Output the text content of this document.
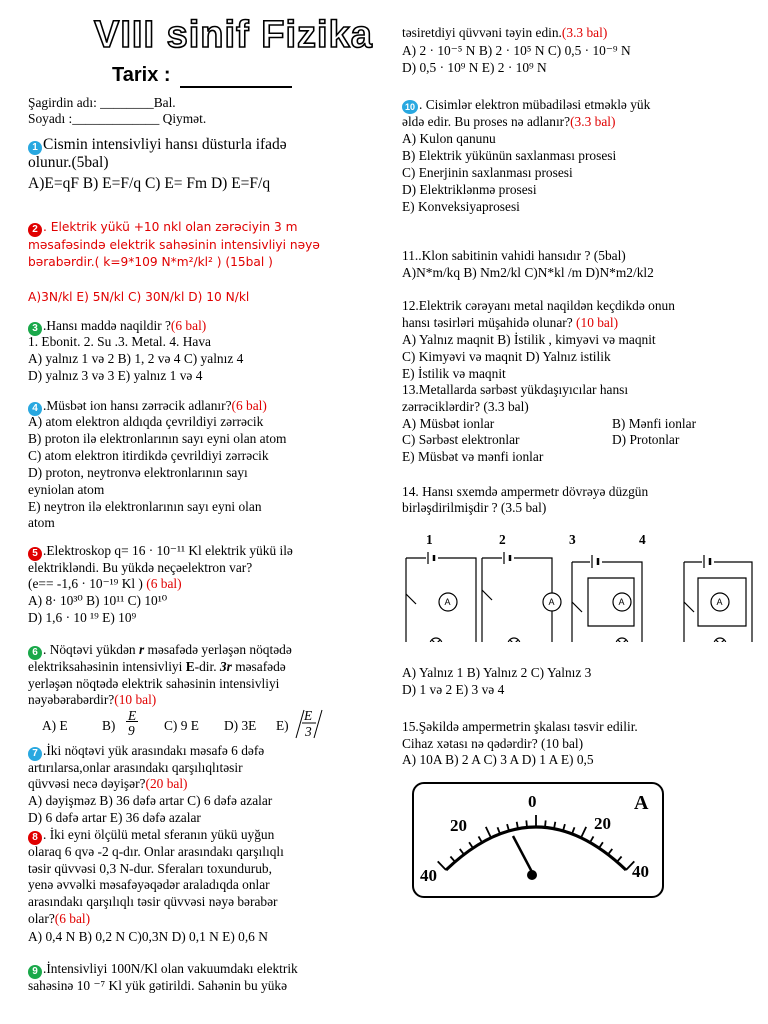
VIII sinif Fizika
Tarix :
Şagirdin adı: ________Bal.
Soyadı :_____________ Qiymət.
1 Cismin intensivliyi hansı düsturla ifadə
olunur.(5bal)
A)E=qF B) E=F/q C) E= Fm D) E=F/q
2 . Elektrik yükü +10 nkl olan zərəciyin 3 m
məsafəsində elektrik sahəsinin intensivliyi nəyə
bərabərdir.( k=9*109 N*m²/kl² ) (15bal )
A)3N/kl E) 5N/kl C) 30N/kl D) 10 N/kl
3 .Hansı maddə naqildir ?(6 bal)
1. Ebonit. 2. Su .3. Metal. 4. Hava
A) yalnız 1 və 2 B) 1, 2 və 4 C) yalnız 4
D) yalnız 3 və 3 E) yalnız 1 və 4
4 .Müsbət ion hansı zərrəcik adlanır?(6 bal)
A) atom elektron aldıqda çevrildiyi zərrəcik
B) proton ilə elektronlarının sayı eyni olan atom
C) atom elektron itirdikdə çevrildiyi zərrəcik
D) proton, neytronvə elektronlarının sayı
eyniolan atom
E) neytron ilə elektronlarının sayı eyni olan
atom
5 .Elektroskop q= 16 · 10⁻¹¹ Kl elektrik yükü ilə
elektrikləndi. Bu yükdə neçəelektron var?
(e== -1,6 · 10⁻¹⁹ Kl ) (6 bal)
A) 8· 10³⁰ B) 10¹¹ C) 10¹⁰
D) 1,6 · 10 ¹⁹ E) 10⁹
6 . Nöqtəvi yükdən r məsafədə yerləşən nöqtədə
elektriksahəsinin intensivliyi E-dir. 3r məsafədə
yerləşən nöqtədə elektrik sahəsinin intensivliyi
nəyəbərabərdir?(10 bal)
A) E	B)
E
9 C) 9 E D) 3E E)
E
3
7 .İki nöqtəvi yük arasındakı məsafə 6 dəfə
artırılarsa,onlar arasındakı qarşılıqlıtəsir
qüvvəsi necə dəyişər?(20 bal)
A) dəyişməz B) 36 dəfə artar C) 6 dəfə azalar
D) 6 dəfə artar E) 36 dəfə azalar
8 . İki eyni ölçülü metal sferanın yükü uyğun
olaraq 6 qvə -2 q-dır. Onlar arasındakı qarşılıqlı
təsir qüvvəsi 0,3 N-dur. Sferaları toxundurub,
yenə əvvəlki məsafəyəqədər araladıqda onlar
arasındakı qarşılıqlı təsir qüvvəsi nəyə bərabər
olar?(6 bal)
A) 0,4 N B) 0,2 N C)0,3N D) 0,1 N E) 0,6 N
9 .İntensivliyi 100N/Kl olan vakuumdakı elektrik
sahəsinə 10 ⁻⁷ Kl yük gətirildi. Sahənin bu yükə
təsiretdiyi qüvvəni təyin edin.(3.3 bal)
A) 2 · 10⁻⁵ N B) 2 · 10⁵ N C) 0,5 · 10⁻⁹ N
D) 0,5 · 10⁹ N E) 2 · 10⁹ N
10 . Cisimlər elektron mübadiləsi etməklə yük
əldə edir. Bu proses nə adlanır?(3.3 bal)
A) Kulon qanunu
B) Elektrik yükünün saxlanması prosesi
C) Enerjinin saxlanması prosesi
D) Elektriklənmə prosesi
E) Konveksiyaprosesi
11..Klon sabitinin vahidi hansıdır ? (5bal)
A)N*m/kq B) Nm2/kl C)N*kl /m D)N*m2/kl2
12.Elektrik cərəyanı metal naqildən keçdikdə onun
hansı təsirləri müşahidə olunar? (10 bal)
A) Yalnız maqnit B) İstilik , kimyəvi və maqnit
C) Kimyəvi və maqnit D) Yalnız istilik
E) İstilik və maqnit
13.Metallarda sərbəst yükdaşıyıcılar hansı
zərrəciklərdir? (3.3 bal)
A) Müsbət ionlar	B) Mənfi ionlar
C) Sərbəst elektronlar	D) Protonlar
E) Müsbət və mənfi ionlar
14. Hansı sxemdə ampermetr dövrəyə düzgün
birləşdirilmişdir ? (3.5 bal)
1	2	3	4
A	A	A	A
A) Yalnız 1 B) Yalnız 2 C) Yalnız 3
D) 1 və 2 E) 3 və 4
15.Şəkildə ampermetrin şkalası təsvir edilir.
Cihaz xətası nə qədərdir? (10 bal)
A) 10A B) 2 A C) 3 A D) 1 A E) 0,5
40
20
0
20
40
A
